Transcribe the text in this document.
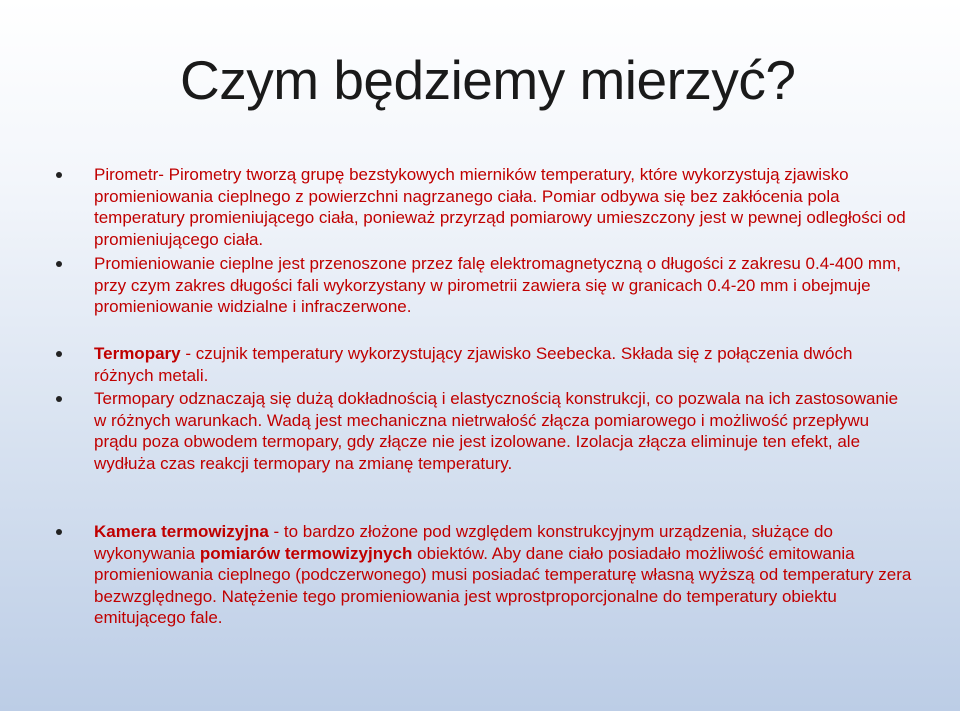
Czym będziemy mierzyć?
Pirometr- Pirometry tworzą grupę bezstykowych mierników temperatury, które wykorzystują zjawisko promieniowania cieplnego z powierzchni nagrzanego ciała. Pomiar odbywa się bez zakłócenia pola temperatury promieniującego ciała, ponieważ przyrząd pomiarowy umieszczony jest w pewnej odległości od promieniującego ciała.
Promieniowanie cieplne jest przenoszone przez falę elektromagnetyczną o długości z zakresu 0.4-400 mm, przy czym zakres długości fali wykorzystany w pirometrii zawiera się w granicach 0.4-20 mm i obejmuje promieniowanie widzialne i infraczerwone.
Termopary - czujnik temperatury wykorzystujący zjawisko Seebecka. Składa się z połączenia dwóch różnych metali.
Termopary odznaczają się dużą dokładnością i elastycznością konstrukcji, co pozwala na ich zastosowanie w różnych warunkach. Wadą jest mechaniczna nietrwałość złącza pomiarowego i możliwość przepływu prądu poza obwodem termopary, gdy złącze nie jest izolowane. Izolacja złącza eliminuje ten efekt, ale wydłuża czas reakcji termopary na zmianę temperatury.
Kamera termowizyjna - to bardzo złożone pod względem konstrukcyjnym urządzenia, służące do wykonywania pomiarów termowizyjnych obiektów. Aby dane ciało posiadało możliwość emitowania promieniowania cieplnego (podczerwonego) musi posiadać temperaturę własną wyższą od temperatury zera bezwzględnego. Natężenie tego promieniowania jest wprostproporcjonalne do temperatury obiektu emitującego fale.
